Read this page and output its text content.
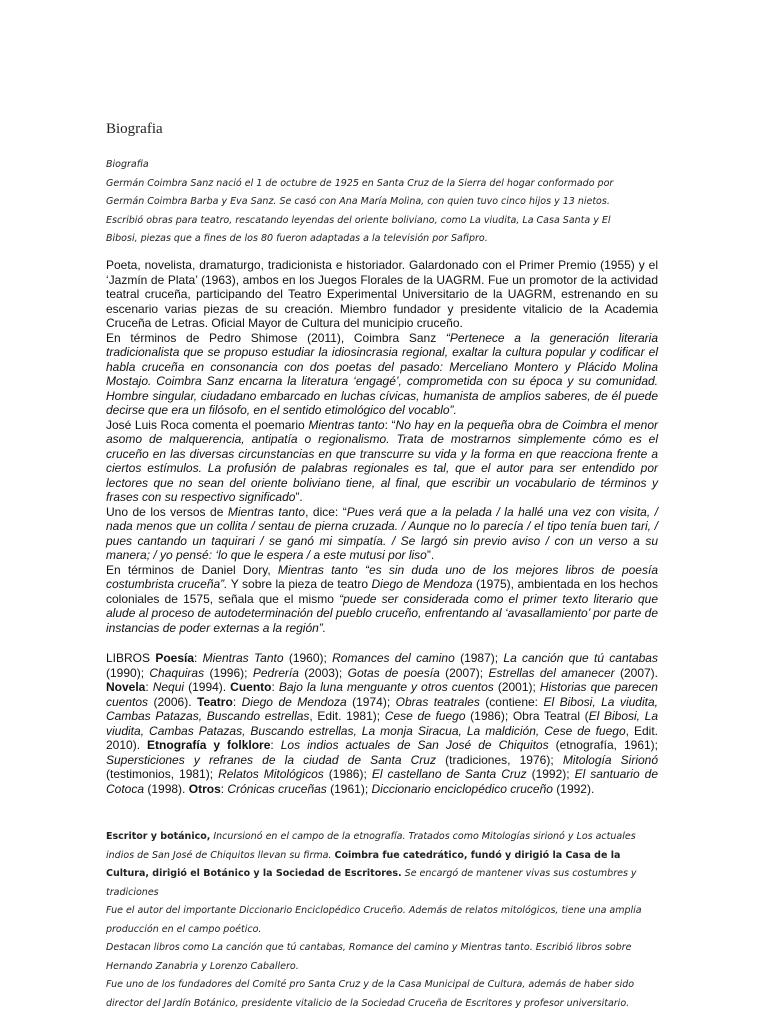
Biografia

Biografia

Germán Coimbra Sanz nació el 1 de octubre de 1925 en Santa Cruz de la Sierra del hogar conformado por

Germán Coimbra Barba y Eva Sanz. Se casó con Ana María Molina, con quien tuvo cinco hijos y 13 nietos.

Escribió obras para teatro, rescatando leyendas del oriente boliviano, como La viudita, La Casa Santa y El

Bibosi, piezas que a fines de los 80 fueron adaptadas a la televisión por Safipro.

Poeta, novelista, dramaturgo, tradicionista e historiador. Galardonado con el Primer Premio (1955) y el ‘Jazmín de Plata’ (1963), ambos en los Juegos Florales de la UAGRM. Fue un promotor de la actividad teatral cruceña, participando del Teatro Experimental Universitario de la UAGRM, estrenando en su escenario varias piezas de su creación. Miembro fundador y presidente vitalicio de la Academia Cruceña de Letras. Oficial Mayor de Cultura del municipio cruceño.

En términos de Pedro Shimose (2011), Coimbra Sanz “Pertenece a la generación literaria tradicionalista que se propuso estudiar la idiosincrasia regional, exaltar la cultura popular y codificar el habla cruceña en consonancia con dos poetas del pasado: Merceliano Montero y Plácido Molina Mostajo. Coimbra Sanz encarna la literatura ‘engagé’, comprometida con su época y su comunidad. Hombre singular, ciudadano embarcado en luchas cívicas, humanista de amplios saberes, de él puede decirse que era un filósofo, en el sentido etimológico del vocablo”.

José Luis Roca comenta el poemario Mientras tanto: “No hay en la pequeña obra de Coimbra el menor asomo de malquerencia, antipatía o regionalismo. Trata de mostrarnos simplemente cómo es el cruceño en las diversas circunstancias en que transcurre su vida y la forma en que reacciona frente a ciertos estímulos. La profusión de palabras regionales es tal, que el autor para ser entendido por lectores que no sean del oriente boliviano tiene, al final, que escribir un vocabulario de términos y frases con su respectivo significado”.

Uno de los versos de Mientras tanto, dice: “Pues verá que a la pelada / la hallé una vez con visita, / nada menos que un collita / sentau de pierna cruzada. / Aunque no lo parecía / el tipo tenía buen tari, / pues cantando un taquirari / se ganó mi simpatía. / Se largó sin previo aviso / con un verso a su manera; / yo pensé: ‘lo que le espera / a este mutusi por liso”.

En términos de Daniel Dory, Mientras tanto “es sin duda uno de los mejores libros de poesía costumbrista cruceña”. Y sobre la pieza de teatro Diego de Mendoza (1975), ambientada en los hechos coloniales de 1575, señala que el mismo “puede ser considerada como el primer texto literario que alude al proceso de autodeterminación del pueblo cruceño, enfrentando al ‘avasallamiento’ por parte de instancias de poder externas a la región”.

LIBROS Poesía: Mientras Tanto (1960); Romances del camino (1987); La canción que tú cantabas (1990); Chaquiras (1996); Pedrería (2003); Gotas de poesía (2007); Estrellas del amanecer (2007). Novela: Nequi (1994). Cuento: Bajo la luna menguante y otros cuentos (2001); Historias que parecen cuentos (2006). Teatro: Diego de Mendoza (1974); Obras teatrales (contiene: El Bibosi, La viudita, Cambas Patazas, Buscando estrellas, Edit. 1981); Cese de fuego (1986); Obra Teatral (El Bibosi, La viudita, Cambas Patazas, Buscando estrellas, La monja Siracua, La maldición, Cese de fuego, Edit. 2010). Etnografía y folklore: Los indios actuales de San José de Chiquitos (etnografía, 1961); Supersticiones y refranes de la ciudad de Santa Cruz (tradiciones, 1976); Mitología Sirionó (testimonios, 1981); Relatos Mitológicos (1986); El castellano de Santa Cruz (1992); El santuario de Cotoca (1998). Otros: Crónicas cruceñas (1961); Diccionario enciclopédico cruceño (1992).

Escritor y botánico, Incursionó en el campo de la etnografía. Tratados como Mitologías sirionó y Los actuales indios de San José de Chiquitos llevan su firma. Coimbra fue catedrático, fundó y dirigió la Casa de la Cultura, dirigió el Botánico y la Sociedad de Escritores. Se encargó de mantener vivas sus costumbres y tradiciones

Fue el autor del importante Diccionario Enciclopédico Cruceño. Además de relatos mitológicos, tiene una amplia producción en el campo poético.

Destacan libros como La canción que tú cantabas, Romance del camino y Mientras tanto. Escribió libros sobre Hernando Zanabria y Lorenzo Caballero.

Fue uno de los fundadores del Comité pro Santa Cruz y de la Casa Municipal de Cultura, además de haber sido director del Jardín Botánico, presidente vitalicio de la Sociedad Cruceña de Escritores y profesor universitario.
